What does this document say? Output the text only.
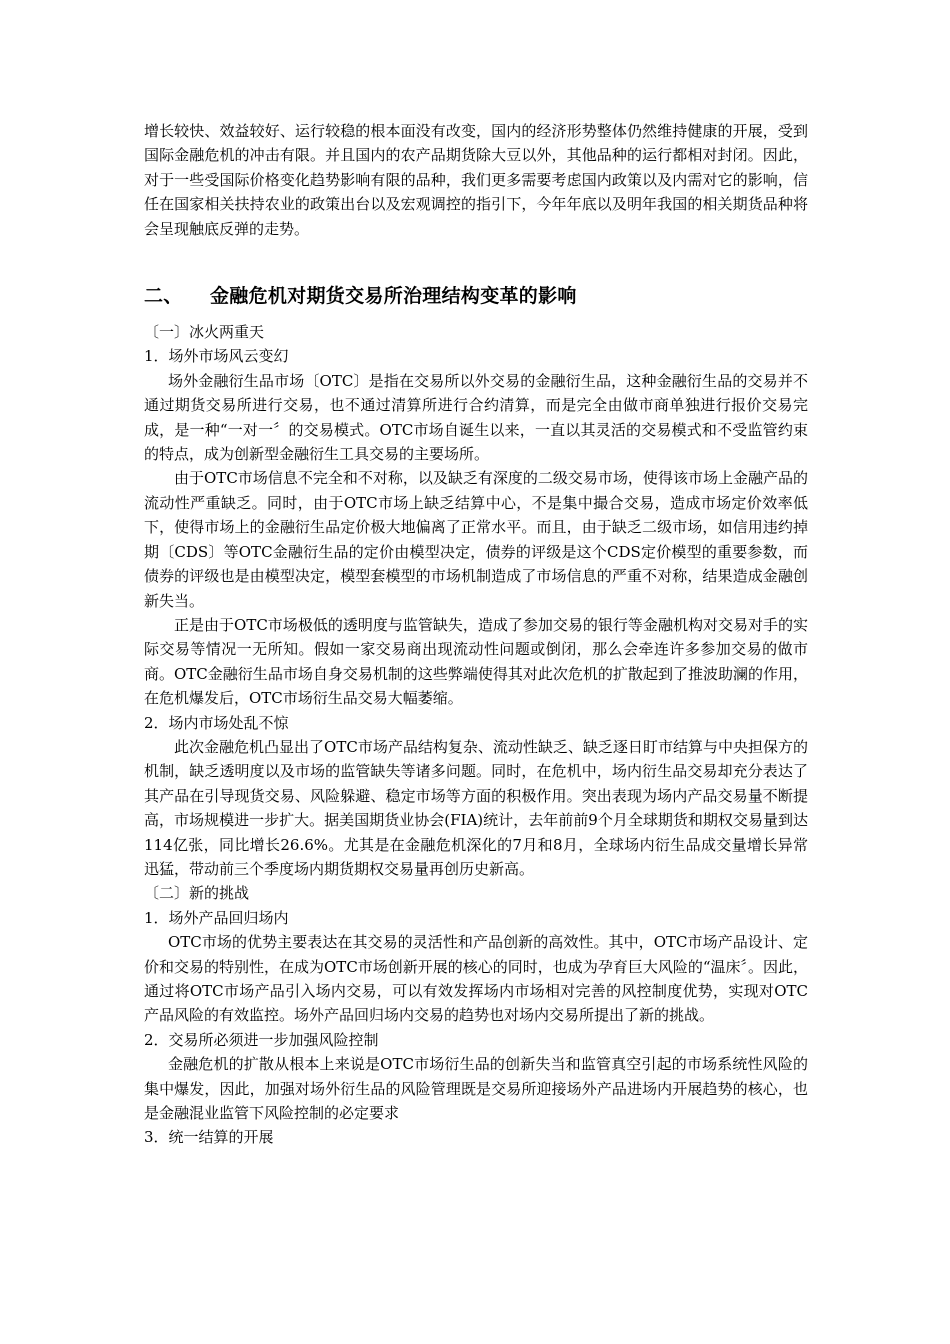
增长较快、效益较好、运行较稳的根本面没有改变，国内的经济形势整体仍然维持健康的开展，受到国际金融危机的冲击有限。并且国内的农产品期货除大豆以外，其他品种的运行都相对封闭。因此，对于一些受国际价格变化趋势影响有限的品种，我们更多需要考虑国内政策以及内需对它的影响，信任在国家相关扶持农业的政策出台以及宏观调控的指引下，今年年底以及明年我国的相关期货品种将会呈现触底反弹的走势。

二、 金融危机对期货交易所治理结构变革的影响

〔一〕冰火两重天

1．场外市场风云变幻

场外金融衍生品市场〔OTC〕是指在交易所以外交易的金融衍生品，这种金融衍生品的交易并不通过期货交易所进行交易，也不通过清算所进行合约清算，而是完全由做市商单独进行报价交易完成，是一种“一对一〞的交易模式。OTC市场自诞生以来，一直以其灵活的交易模式和不受监管约束的特点，成为创新型金融衍生工具交易的主要场所。

由于OTC市场信息不完全和不对称，以及缺乏有深度的二级交易市场，使得该市场上金融产品的流动性严重缺乏。同时，由于OTC市场上缺乏结算中心，不是集中撮合交易，造成市场定价效率低下，使得市场上的金融衍生品定价极大地偏离了正常水平。而且，由于缺乏二级市场，如信用违约掉期〔CDS〕等OTC金融衍生品的定价由模型决定，债券的评级是这个CDS定价模型的重要参数，而债券的评级也是由模型决定，模型套模型的市场机制造成了市场信息的严重不对称，结果造成金融创新失当。

正是由于OTC市场极低的透明度与监管缺失，造成了参加交易的银行等金融机构对交易对手的实际交易等情况一无所知。假如一家交易商出现流动性问题或倒闭，那么会牵连许多参加交易的做市商。OTC金融衍生品市场自身交易机制的这些弊端使得其对此次危机的扩散起到了推波助澜的作用，在危机爆发后，OTC市场衍生品交易大幅萎缩。

2．场内市场处乱不惊

此次金融危机凸显出了OTC市场产品结构复杂、流动性缺乏、缺乏逐日盯市结算与中央担保方的机制，缺乏透明度以及市场的监管缺失等诸多问题。同时，在危机中，场内衍生品交易却充分表达了其产品在引导现货交易、风险躲避、稳定市场等方面的积极作用。突出表现为场内产品交易量不断提高，市场规模进一步扩大。据美国期货业协会(FIA)统计，去年前前9个月全球期货和期权交易量到达114亿张，同比增长26.6%。尤其是在金融危机深化的7月和8月，全球场内衍生品成交量增长异常迅猛，带动前三个季度场内期货期权交易量再创历史新高。

〔二〕新的挑战

1．场外产品回归场内

OTC市场的优势主要表达在其交易的灵活性和产品创新的高效性。其中，OTC市场产品设计、定价和交易的特别性，在成为OTC市场创新开展的核心的同时，也成为孕育巨大风险的“温床〞。因此，通过将OTC市场产品引入场内交易，可以有效发挥场内市场相对完善的风控制度优势，实现对OTC产品风险的有效监控。场外产品回归场内交易的趋势也对场内交易所提出了新的挑战。

2．交易所必须进一步加强风险控制

金融危机的扩散从根本上来说是OTC市场衍生品的创新失当和监管真空引起的市场系统性风险的集中爆发，因此，加强对场外衍生品的风险管理既是交易所迎接场外产品进场内开展趋势的核心，也是金融混业监管下风险控制的必定要求

3．统一结算的开展
